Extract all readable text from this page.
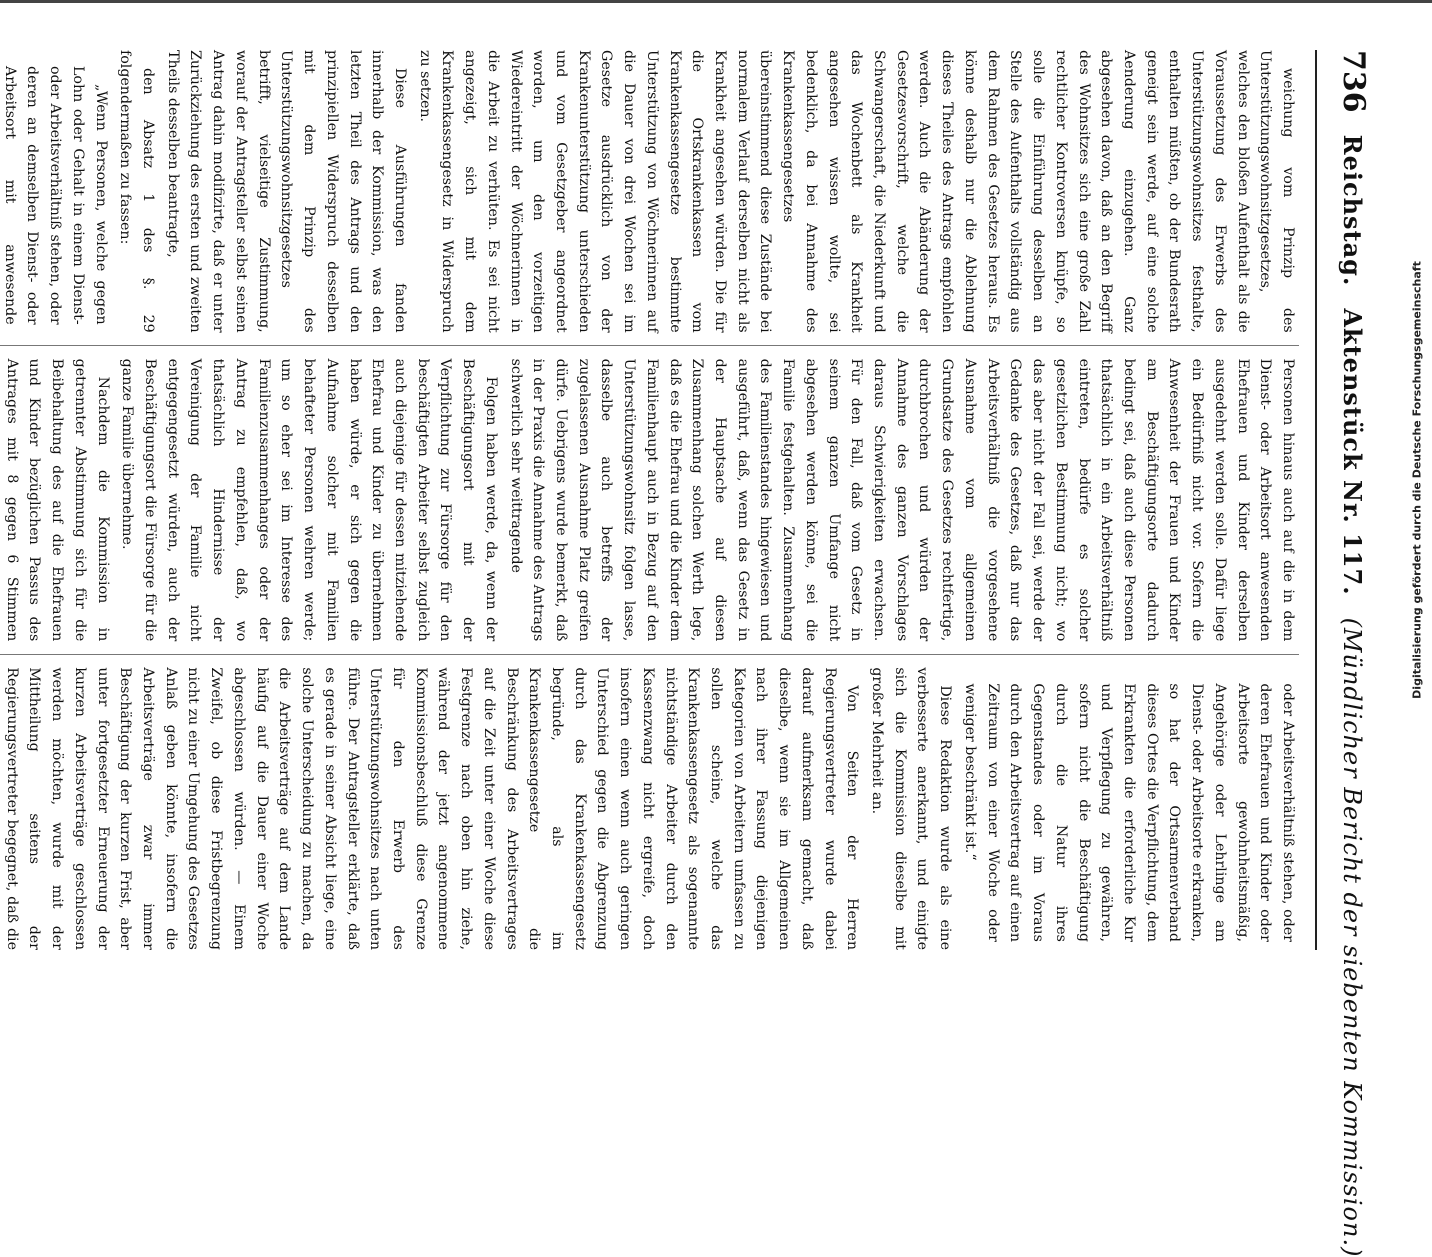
736
Reichstag.
Aktenstück Nr. 117.
(Mündlicher Bericht der siebenten Kommission.)

weichung vom Prinzip des Unterstützungswohnsitzgesetzes, welches den bloßen Aufenthalt als die Voraussetzung des Erwerbs des Unterstützungswohnsitzes festhalte, enthalten müßten, ob der Bundesrath geneigt sein werde, auf eine solche Aenderung einzugehen. Ganz abgesehen davon, daß an den Begriff des Wohnsitzes sich eine große Zahl rechtlicher Kontroversen knüpfe, so solle die Einführung desselben an Stelle des Aufenthalts vollständig aus dem Rahmen des Gesetzes heraus. Es könne deshalb nur die Ablehnung dieses Theiles des Antrags empfohlen werden. Auch die Abänderung der Gesetzesvorschrift, welche die Schwangerschaft, die Niederkunft und das Wochenbett als Krankheit angesehen wissen wollte, sei bedenklich, da bei Annahme des Krankenkassengesetzes übereinstimmend diese Zustände bei normalem Verlauf derselben nicht als Krankheit angesehen würden. Die für die Ortskrankenkassen vom Krankenkassengesetze bestimmte Unterstützung von Wöchnerinnen auf die Dauer von drei Wochen sei im Gesetze ausdrücklich von der Krankenunterstützung unterschieden und vom Gesetzgeber angeordnet worden, um den vorzeitigen Wiedereintritt der Wöchnerinnen in die Arbeit zu verhüten. Es sei nicht angezeigt, sich mit dem Krankenkassengesetz in Widerspruch zu setzen.

Diese Ausführungen fanden innerhalb der Kommission, was den letzten Theil des Antrags und den prinzipiellen Widerspruch desselben mit dem Prinzip des Unterstützungswohnsitzgesetzes betrifft, vielseitige Zustimmung, worauf der Antragsteller selbst seinen Antrag dahin modifizirte, daß er unter Zurückziehung des ersten und zweiten Theils desselben beantragte,

den Absatz 1 des §. 29 folgendermaßen zu fassen:

„Wenn Personen, welche gegen Lohn oder Gehalt in einem Dienst- oder Arbeitsverhältniß stehen, oder deren an demselben Dienst- oder Arbeitsort mit anwesende

Personen hinaus auch auf die in dem Dienst- oder Arbeitsort anwesenden Ehefrauen und Kinder derselben ausgedehnt werden solle. Dafür liege ein Bedürfniß nicht vor. Sofern die Anwesenheit der Frauen und Kinder am Beschäftigungsorte dadurch bedingt sei, daß auch diese Personen thatsächlich in ein Arbeitsverhältniß eintreten, bedürfe es solcher gesetzlichen Bestimmung nicht; wo das aber nicht der Fall sei, werde der Gedanke des Gesetzes, daß nur das Arbeitsverhältniß die vorgesehene Ausnahme vom allgemeinen Grundsatze des Gesetzes rechtfertige, durchbrochen und würden der Annahme des ganzen Vorschlages daraus Schwierigkeiten erwachsen. Für den Fall, daß vom Gesetz in seinem ganzen Umfange nicht abgesehen werden könne, sei die Familie festgehalten. Zusammenhang des Familienstandes hingewiesen und ausgeführt, daß, wenn das Gesetz in der Hauptsache auf diesen Zusammenhang solchen Werth lege, daß es die Ehefrau und die Kinder dem Familienhaupt auch in Bezug auf den Unterstützungswohnsitz folgen lasse, dasselbe auch betreffs der zugelassenen Ausnahme Platz greifen dürfe. Uebrigens wurde bemerkt, daß in der Praxis die Annahme des Antrags schwerlich sehr weittragende

Folgen haben werde, da, wenn der Beschäftigungsort mit der Verpflichtung zur Fürsorge für den beschäftigten Arbeiter selbst zugleich auch diejenige für dessen mitziehende Ehefrau und Kinder zu übernehmen haben würde, er sich gegen die Aufnahme solcher mit Familien behafteter Personen wehren werde; um so eher sei im Interesse des Familienzusammenhanges oder der Antrag zu empfehlen, daß, wo thatsächlich Hindernisse der Vereinigung der Familie nicht entgegengesetzt würden, auch der Beschäftigungsort die Fürsorge für die ganze Familie übernehme.

Nachdem die Kommission in getrennter Abstimmung sich für die Beibehaltung des auf die Ehefrauen und Kinder bezüglichen Passus des Antrages mit 8 gegen 6 Stimmen

oder Arbeitsverhältniß stehen, oder deren Ehefrauen und Kinder oder Arbeitsorte gewohnheitsmäßig, Angehörige oder Lehrlinge am Dienst- oder Arbeitsorte erkranken, so hat der Ortsarmenverband dieses Ortes die Verpflichtung, dem Erkrankten die erforderliche Kur und Verpflegung zu gewähren, sofern nicht die Beschäftigung durch die Natur ihres Gegenstandes oder im Voraus durch den Arbeitsvertrag auf einen Zeitraum von einer Woche oder weniger beschränkt ist.“

Diese Redaktion wurde als eine verbesserte anerkannt, und einigte sich die Kommission dieselbe mit großer Mehrheit an.

Von Seiten der Herren Regierungsvertreter wurde dabei darauf aufmerksam gemacht, daß dieselbe, wenn sie im Allgemeinen nach ihrer Fassung diejenigen Kategorien von Arbeitern umfassen zu sollen scheine, welche das Krankenkassengesetz als sogenannte nichtständige Arbeiter durch den Kassenzwang nicht ergreife, doch insofern einen wenn auch geringen Unterschied gegen die Abgrenzung durch das Krankenkassengesetz begründe, als im Krankenkassengesetze die Beschränkung des Arbeitsvertrages auf die Zeit unter einer Woche diese Festgrenze nach oben hin ziehe, während der jetzt angenommene Kommissionsbeschluß diese Grenze für den Erwerb des Unterstützungswohnsitzes nach unten führe. Der Antragsteller erklärte, daß es gerade in seiner Absicht liege, eine solche Unterscheidung zu machen, da die Arbeitsverträge auf dem Lande häufig auf die Dauer einer Woche abgeschlossen würden. — Einem Zweifel, ob diese Fristbegrenzung nicht zu einer Umgehung des Gesetzes Anlaß geben könnte, insofern die Arbeitsverträge zwar immer Beschäftigung der kurzen Frist, aber unter fortgesetzter Erneuerung der kurzen Arbeitsverträge geschlossen werden möchten, wurde mit der Mittheilung seitens der Regierungsvertreter begegnet, daß die

Digitalisierung gefördert durch die Deutsche Forschungsgemeinschaft
